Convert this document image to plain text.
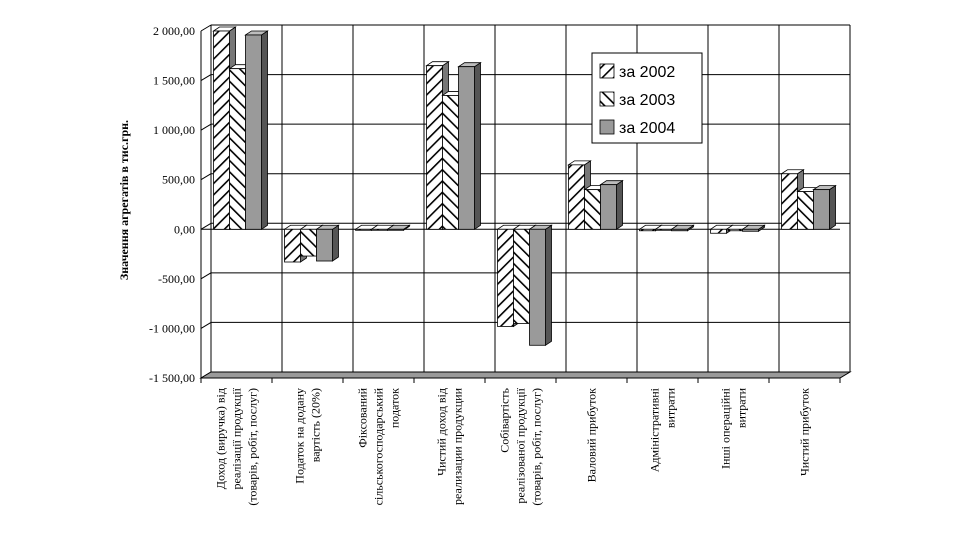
2 000,00
1 500,00
1 000,00
500,00
0,00
-500,00
-1 000,00
-1 500,00
Доход (виручка) від реалізації продукції (товарів, робіт, послуг)	Податок на додану вартість (20%)	Фіксований сільськогосподарський податок	Чистий доход від реализации продукции	Собівартість реалізованої продукції (товарів, робіт, послуг)	Валовий прибуток	Адміністративні витрати	Інші операційні витрати	Чистий прибуток
Значення агрегатів в тис.грн.
за 2002
за 2003
за 2004
